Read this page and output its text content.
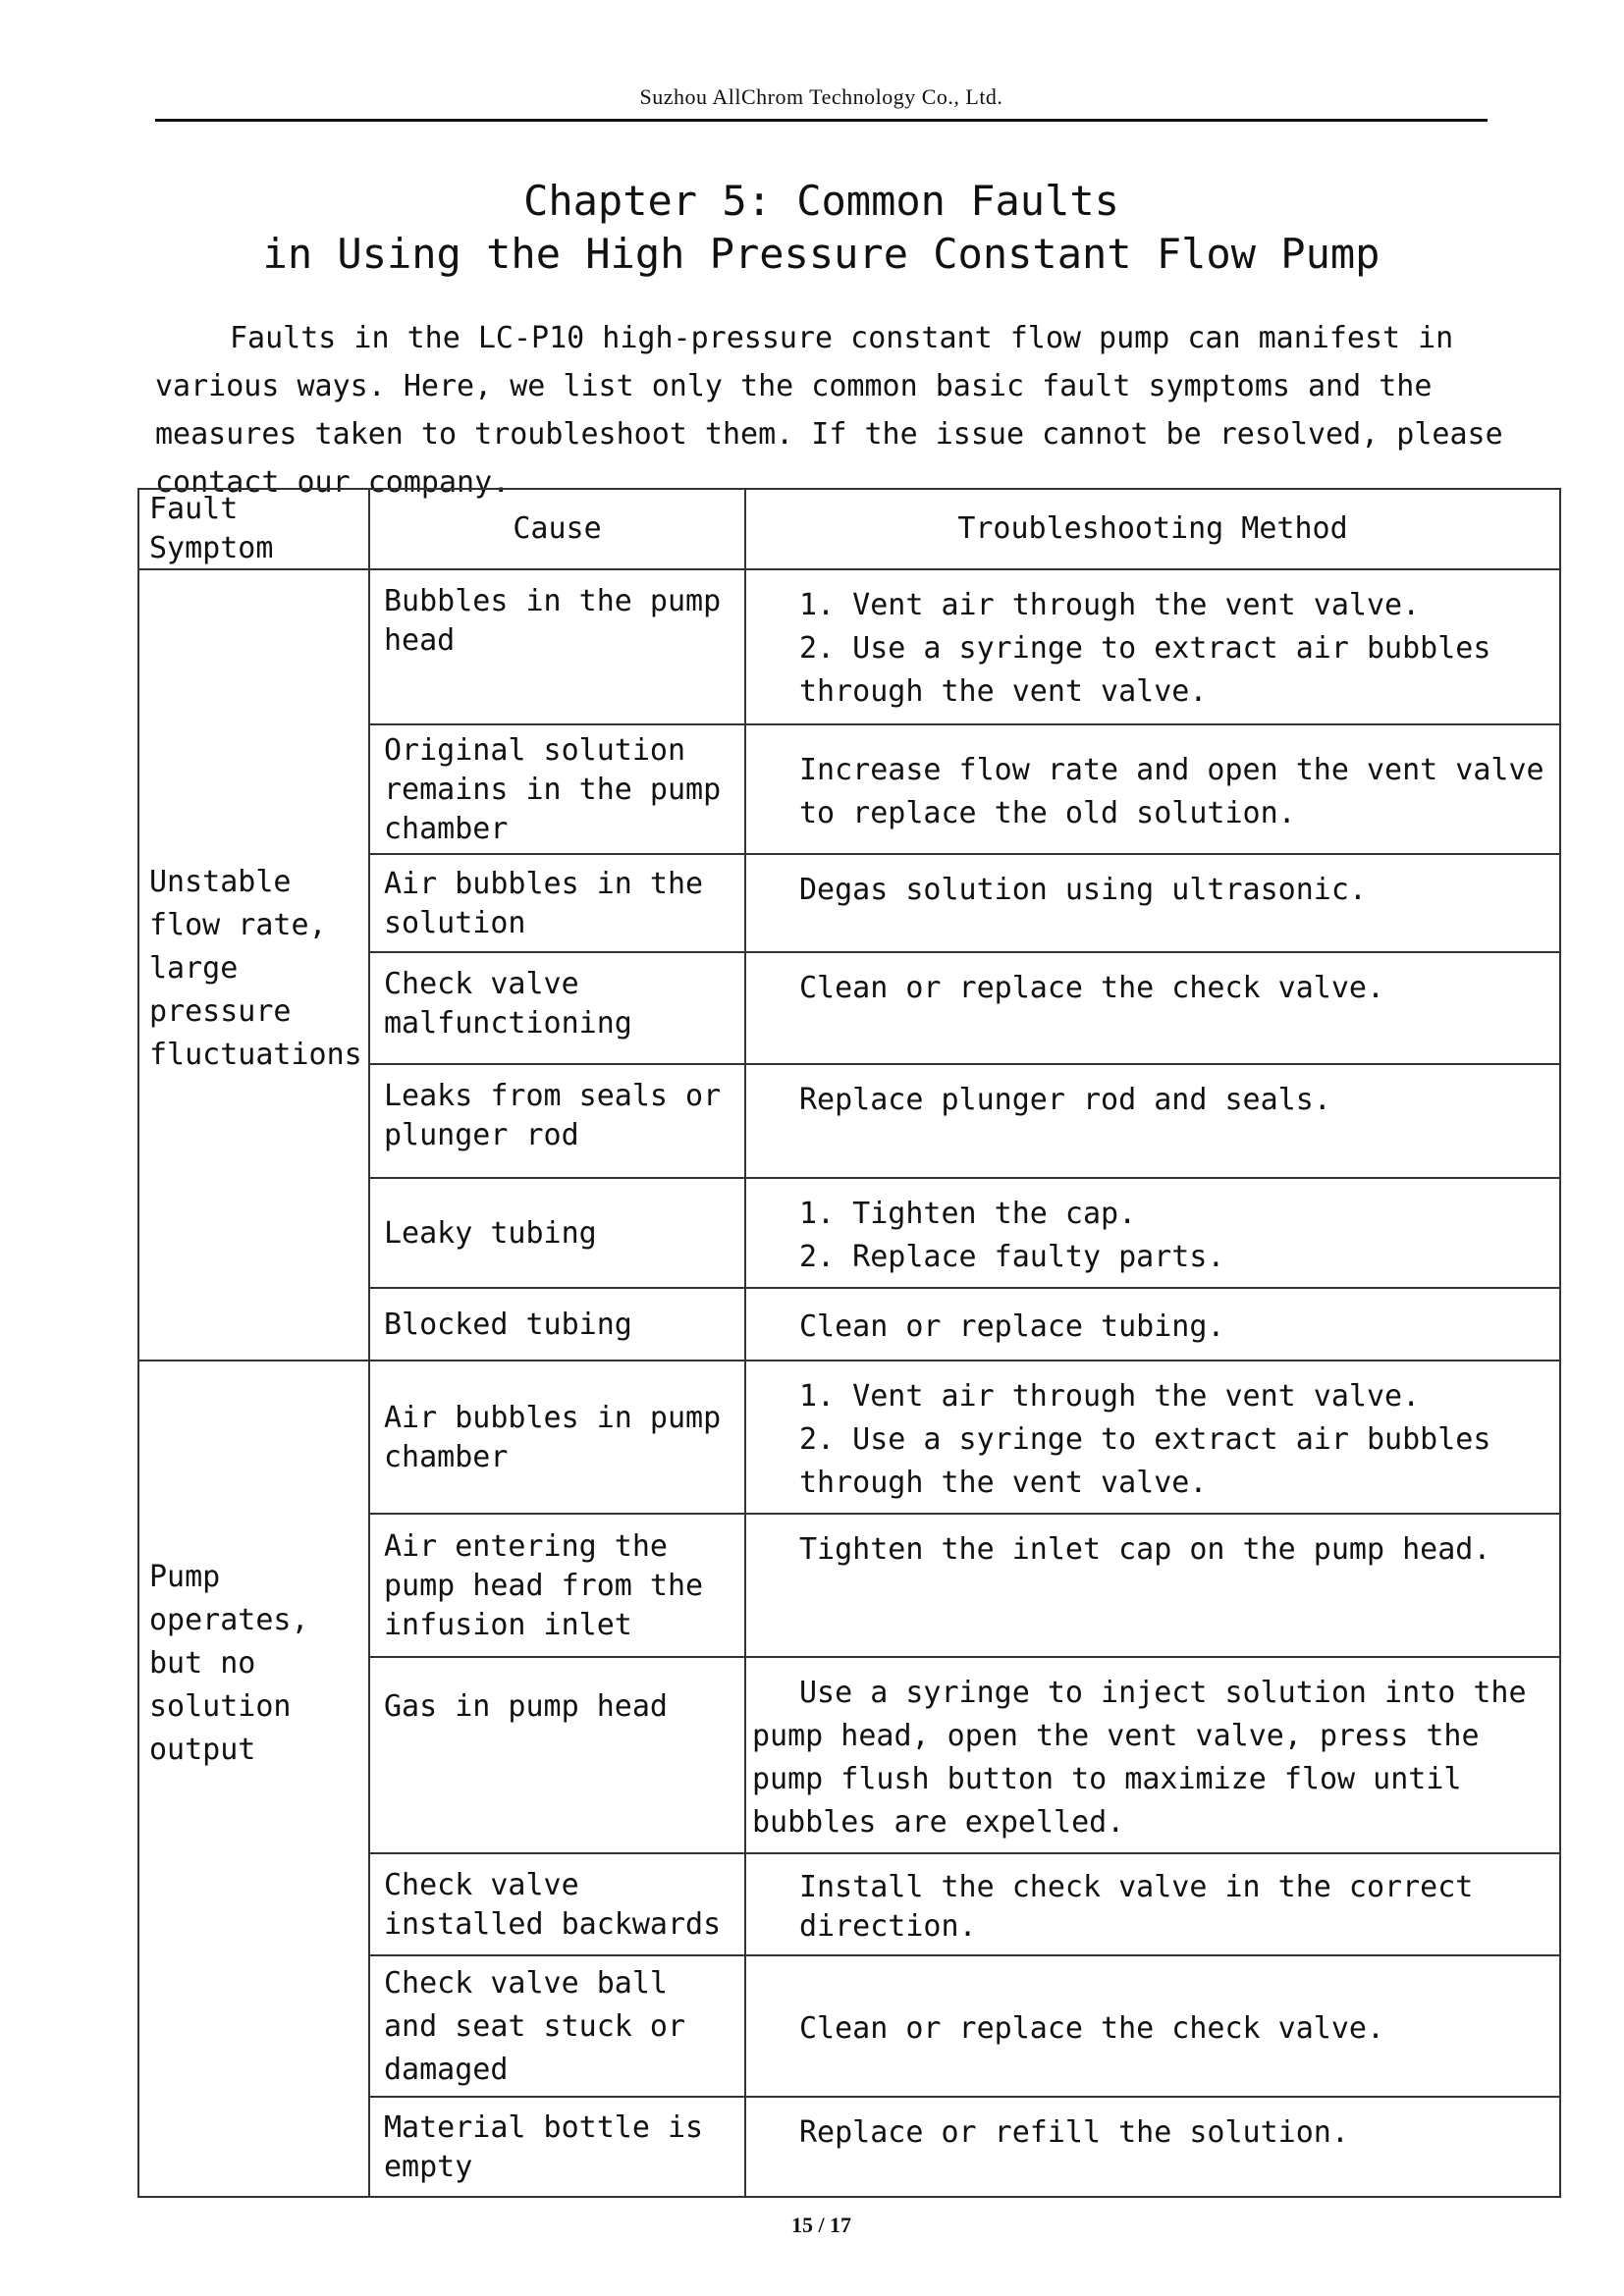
Suzhou AllChrom Technology Co., Ltd.
Chapter 5: Common Faults
in Using the High Pressure Constant Flow Pump

Faults in the LC-P10 high-pressure constant flow pump can manifest in various ways. Here, we list only the common basic fault symptoms and the measures taken to troubleshoot them. If the issue cannot be resolved, please contact our company.

Fault Symptom	Cause	Troubleshooting Method

Unstable flow rate, large pressure fluctuations	Bubbles in the pump head	1. Vent air through the vent valve.
2. Use a syringe to extract air bubbles through the vent valve.

	Original solution remains in the pump chamber	Increase flow rate and open the vent valve to replace the old solution.

	Air bubbles in the solution	Degas solution using ultrasonic.

	Check valve malfunctioning	Clean or replace the check valve.

	Leaks from seals or plunger rod	Replace plunger rod and seals.

	Leaky tubing	1. Tighten the cap.
2. Replace faulty parts.

	Blocked tubing	Clean or replace tubing.

Pump operates, but no solution output	Air bubbles in pump chamber	1. Vent air through the vent valve.
2. Use a syringe to extract air bubbles through the vent valve.

	Air entering the pump head from the infusion inlet	Tighten the inlet cap on the pump head.

	Gas in pump head	Use a syringe to inject solution into the pump head, open the vent valve, press the pump flush button to maximize flow until bubbles are expelled.
	Check valve installed backwards	Install the check valve in the correct direction.
	Check valve ball and seat stuck or damaged	Clean or replace the check valve.

	Material bottle is empty	Replace or refill the solution.
15 / 17
